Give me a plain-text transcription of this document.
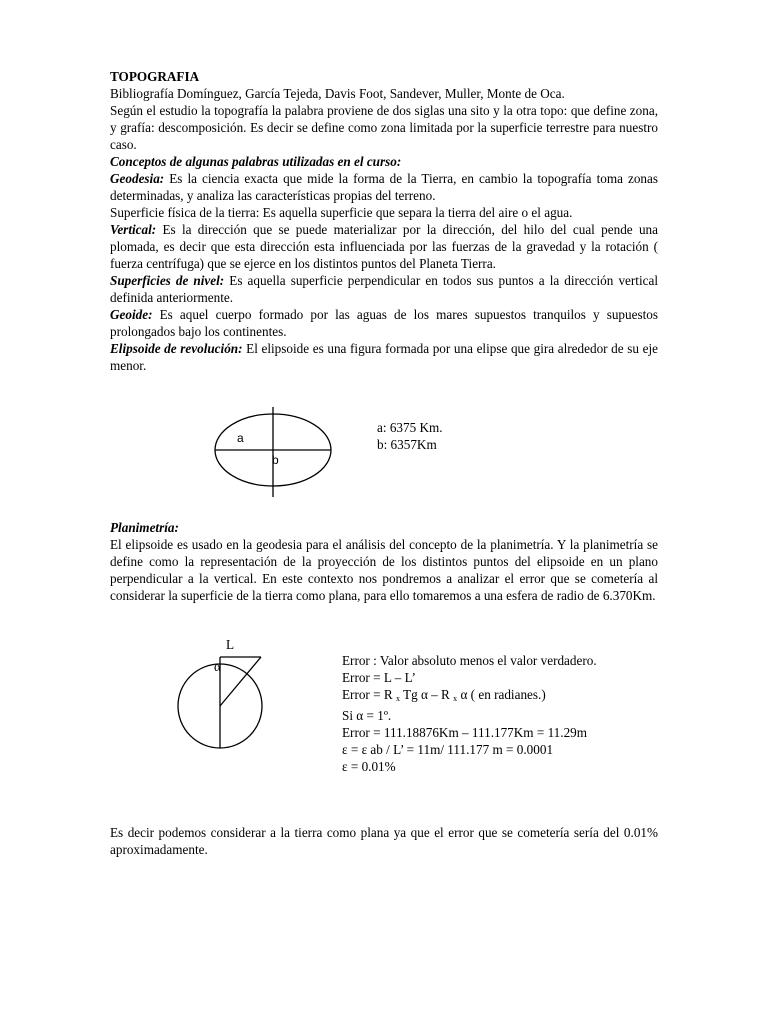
TOPOGRAFIA

Bibliografía Domínguez, García Tejeda, Davis Foot, Sandever, Muller, Monte de Oca.

Según el estudio la topografía la palabra proviene de dos siglas una sito y la otra topo: que define zona, y grafía: descomposición. Es decir se define como zona limitada por la superficie terrestre para nuestro caso.

Conceptos de algunas palabras utilizadas en el curso:

Geodesia: Es la ciencia exacta que mide la forma de la Tierra, en cambio la topografía toma zonas determinadas, y analiza las características propias del terreno.

Superficie física de la tierra: Es aquella superficie que separa la tierra del aire o el agua.

Vertical: Es la dirección que se puede materializar por la dirección, del hilo del cual pende una plomada, es decir que esta dirección esta influenciada por las fuerzas de la gravedad y la rotación ( fuerza centrífuga) que se ejerce en los distintos puntos del Planeta Tierra.

Superficies de nivel: Es aquella superficie perpendicular en todos sus puntos a la dirección vertical definida anteriormente.

Geoide: Es aquel cuerpo formado por las aguas de los mares supuestos tranquilos y supuestos prolongados bajo los continentes.

Elipsoide de revolución: El elipsoide es una figura formada por una elipse que gira alrededor de su eje menor.

a
b
a: 6375 Km.
b: 6357Km

Planimetría:

El elipsoide es usado en la geodesia para el análisis del concepto de la planimetría. Y la planimetría se define como la representación de la proyección de los distintos puntos del elipsoide en un plano perpendicular a la vertical. En este contexto nos pondremos a analizar el error que se cometería al considerar la superficie de la tierra como plana, para ello tomaremos a una esfera de radio de 6.370Km.

L
α	Error : Valor absoluto menos el valor verdadero.
Error = L – L’
Error = R $_x$ Tg α – R $_x$ α ( en radianes.)
Si α = 1º.
Error = 111.18876Km – 111.177Km = 11.29m
ε = ε ab / L’ = 11m/ 111.177 m = 0.0001
ε = 0.01%

Es decir podemos considerar a la tierra como plana ya que el error que se cometería sería del 0.01% aproximadamente.
